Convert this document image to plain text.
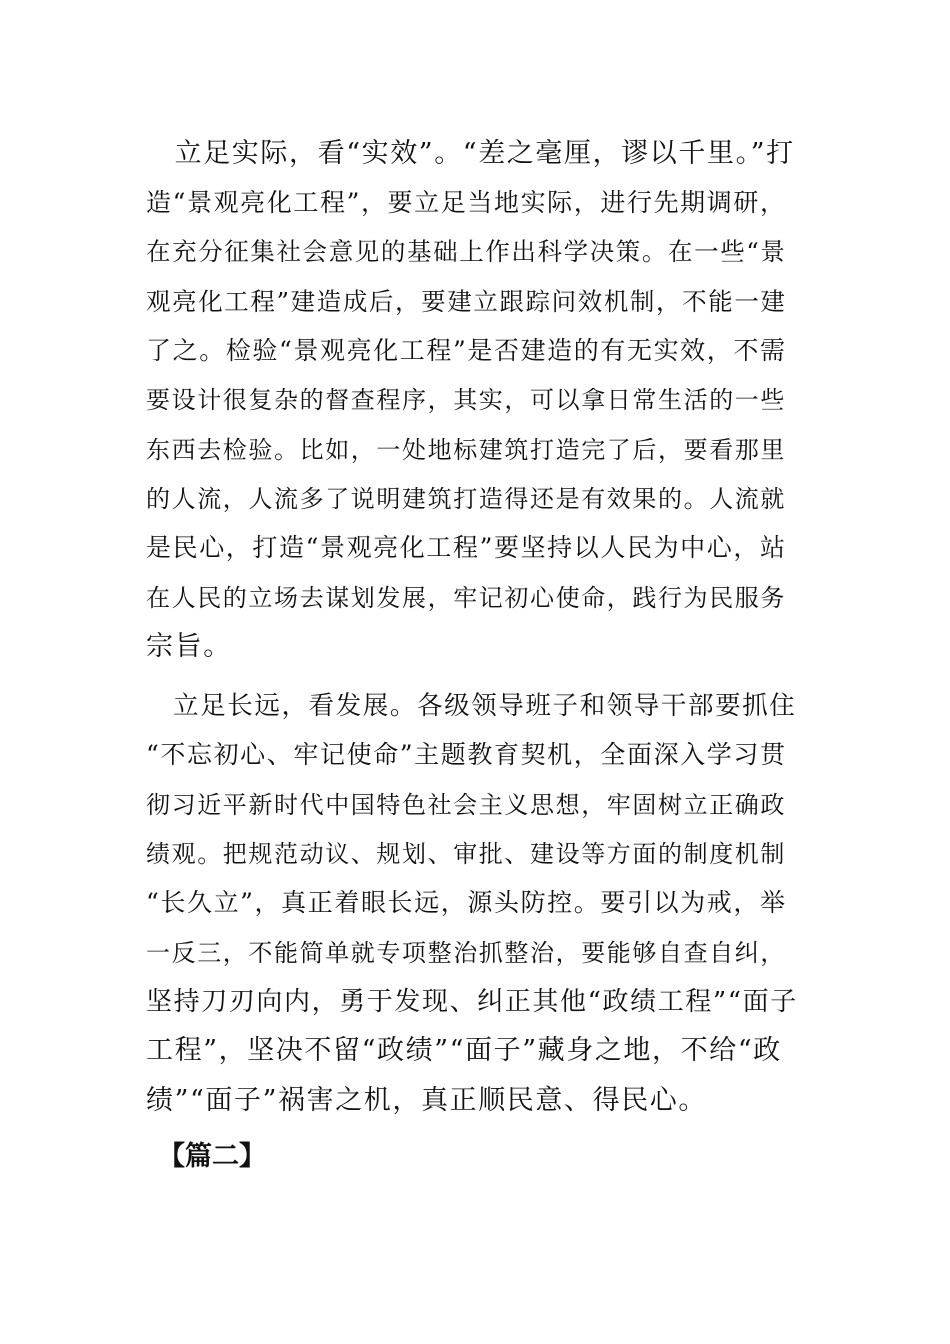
　立足实际，看“实效”。“差之毫厘，谬以千里。”打
造“景观亮化工程”，要立足当地实际，进行先期调研，
在充分征集社会意见的基础上作出科学决策。在一些“景
观亮化工程”建造成后，要建立跟踪问效机制，不能一建
了之。检验“景观亮化工程”是否建造的有无实效，不需
要设计很复杂的督查程序，其实，可以拿日常生活的一些
东西去检验。比如，一处地标建筑打造完了后，要看那里
的人流，人流多了说明建筑打造得还是有效果的。人流就
是民心，打造“景观亮化工程”要坚持以人民为中心，站
在人民的立场去谋划发展，牢记初心使命，践行为民服务
宗旨。
　立足长远，看发展。各级领导班子和领导干部要抓住
“不忘初心、牢记使命”主题教育契机，全面深入学习贯
彻习近平新时代中国特色社会主义思想，牢固树立正确政
绩观。把规范动议、规划、审批、建设等方面的制度机制
“长久立”，真正着眼长远，源头防控。要引以为戒，举
一反三，不能简单就专项整治抓整治，要能够自查自纠，
坚持刀刃向内，勇于发现、纠正其他“政绩工程”“面子
工程”，坚决不留“政绩”“面子”藏身之地，不给“政
绩”“面子”祸害之机，真正顺民意、得民心。
【篇二】
